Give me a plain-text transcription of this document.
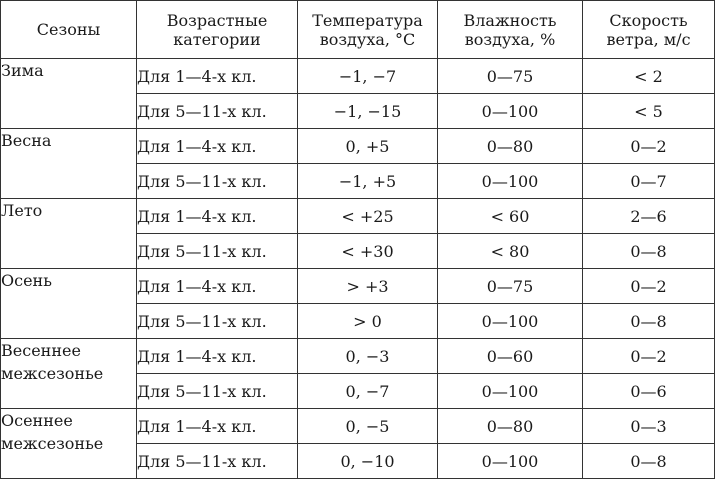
Сезоны	Возрастные категории	Температура воздуха, °С	Влажность воздуха, %	Скорость ветра, м/с
Зима	Для 1—4-х кл.	−1, −7	0—75	< 2
	Для 5—11-х кл.	−1, −15	0—100	< 5
Весна	Для 1—4-х кл.	0, +5	0—80	0—2
	Для 5—11-х кл.	−1, +5	0—100	0—7
Лето	Для 1—4-х кл.	< +25	< 60	2—6
	Для 5—11-х кл.	< +30	< 80	0—8
Осень	Для 1—4-х кл.	> +3	0—75	0—2
	Для 5—11-х кл.	> 0	0—100	0—8
Весеннее межсезонье	Для 1—4-х кл.	0, −3	0—60	0—2
	Для 5—11-х кл.	0, −7	0—100	0—6
Осеннее межсезонье	Для 1—4-х кл.	0, −5	0—80	0—3
	Для 5—11-х кл.	0, −10	0—100	0—8
